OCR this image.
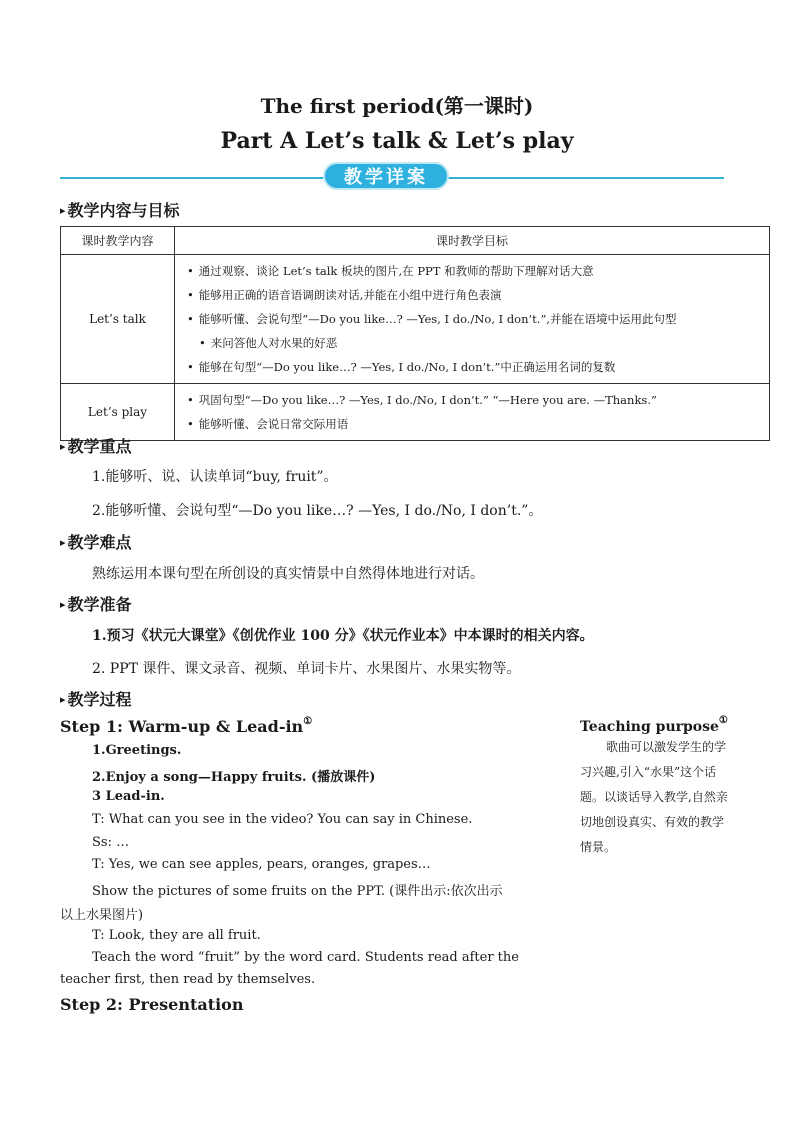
The first period(第一课时)
Part A Let’s talk & Let’s play
教学详案
▸ 教学内容与目标
课时教学内容	课时教学目标
Let’s talk	• 通过观察、谈论 Let’s talk 板块的图片,在 PPT 和教师的帮助下理解对话大意
• 能够用正确的语音语调朗读对话,并能在小组中进行角色表演
• 能够听懂、会说句型“—Do you like…? —Yes, I do./No, I don’t.”,并能在语境中运用此句型
• 来问答他人对水果的好恶
• 能够在句型“—Do you like…? —Yes, I do./No, I don’t.”中正确运用名词的复数

Let’s play	• 巩固句型“—Do you like…? —Yes, I do./No, I don’t.” “—Here you are. —Thanks.”
• 能够听懂、会说日常交际用语
▸ 教学重点
1.能够听、说、认读单词“buy, fruit”。
2.能够听懂、会说句型“—Do you like…? —Yes, I do./No, I don’t.”。
▸ 教学难点
熟练运用本课句型在所创设的真实情景中自然得体地进行对话。
▸ 教学准备
1.预习《状元大课堂》《创优作业 100 分》《状元作业本》中本课时的相关内容。
2. PPT 课件、课文录音、视频、单词卡片、水果图片、水果实物等。
▸ 教学过程
Step 1: Warm-up & Lead-in①
1.Greetings.
2.Enjoy a song—Happy fruits. (播放课件)
3 Lead-in.
T: What can you see in the video? You can say in Chinese.
Ss: …
T: Yes, we can see apples, pears, oranges, grapes…
Show the pictures of some fruits on the PPT. (课件出示:依次出示
以上水果图片)
T: Look, they are all fruit.
Teach the word “fruit” by the word card. Students read after the
teacher first, then read by themselves.
Step 2: Presentation
Teaching purpose①
歌曲可以激发学生的学
习兴趣,引入“水果”这个话
题。以谈话导入教学,自然亲
切地创设真实、有效的教学
情景。
